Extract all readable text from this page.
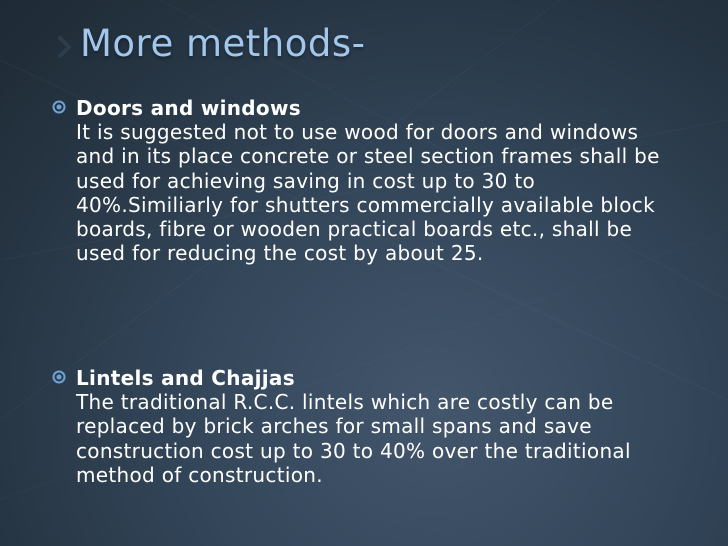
More methods-
Doors and windows
It is suggested not to use wood for doors and windows and in its place concrete or steel section frames shall be used for achieving saving in cost up to 30 to 40%.Similiarly for shutters commercially available block boards, fibre or wooden practical boards etc., shall be used for reducing the cost by about 25.
Lintels and Chajjas
The traditional R.C.C. lintels which are costly can be replaced by brick arches for small spans and save construction cost up to 30 to 40% over the traditional method of construction.
